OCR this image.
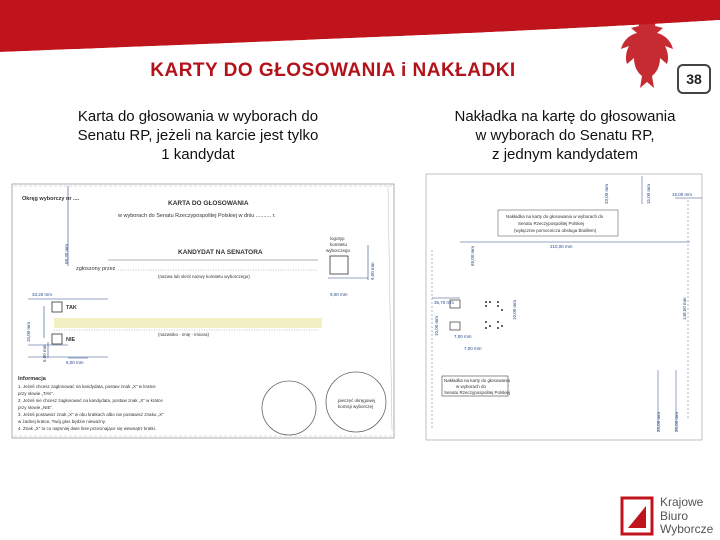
KARTY DO GŁOSOWANIA i NAKŁADKI	38
Karta do głosowania w wyborach do
Senatu RP, jeżeli na karcie jest tylko
1 kandydat
Nakładka na kartę do głosowania
w wyborach do Senatu RP,
z jednym kandydatem
Okręg wyborczy nr ....
KARTA DO GŁOSOWANIA
w wyborach do Senatu Rzeczypospolitej Polskiej w dniu .......... r.
KANDYDAT NA SENATORA
zgłoszony przez
(nazwa lub skrót nazwy komitetu wyborczego)
(nazwisko - imię - imiona)
logotyp
komitetu
wyborczego
TAK
NIE
Informacja
1. Jeżeli chcesz zagłosować na kandydata, postaw znak „X” w kratce
przy słowie „TAK”.
2. Jeżeli nie chcesz zagłosować na kandydata, postaw znak „X” w kratce
przy słowie „NIE”.
3. Jeżeli postawisz znak „X” w obu kratkach albo nie postawisz znaku „X”
w żadnej kratce, Twój głos będzie nieważny.
4. Znak „X” to co najmniej dwie linie przecinające się wewnątrz kratki.
pieczęć okręgowej
komisji wyborczej
68,30 mm
9,00 mm
9,00 mm
33,20 mm
10,00 mm
6,00 mm
6,00 mm
Nakładka na karty do głosowania w wyborach do
Senatu Rzeczypospolitej Polskiej
(wyłącznie pomocnicza obsługa Braillem)
Nakładka na karty do głosowania
w wyborach do
Senatu Rzeczypospolitej Polskiej
33,00 mm	15,00 mm	15,00 mm
210,00 mm
68,00 mm
35,70 mm
10,00 mm
7,00 mm
10,00 mm
7,00 mm
148,50 mm
25,00 mm	35,00 mm
Krajowe
Biuro
Wyborcze
